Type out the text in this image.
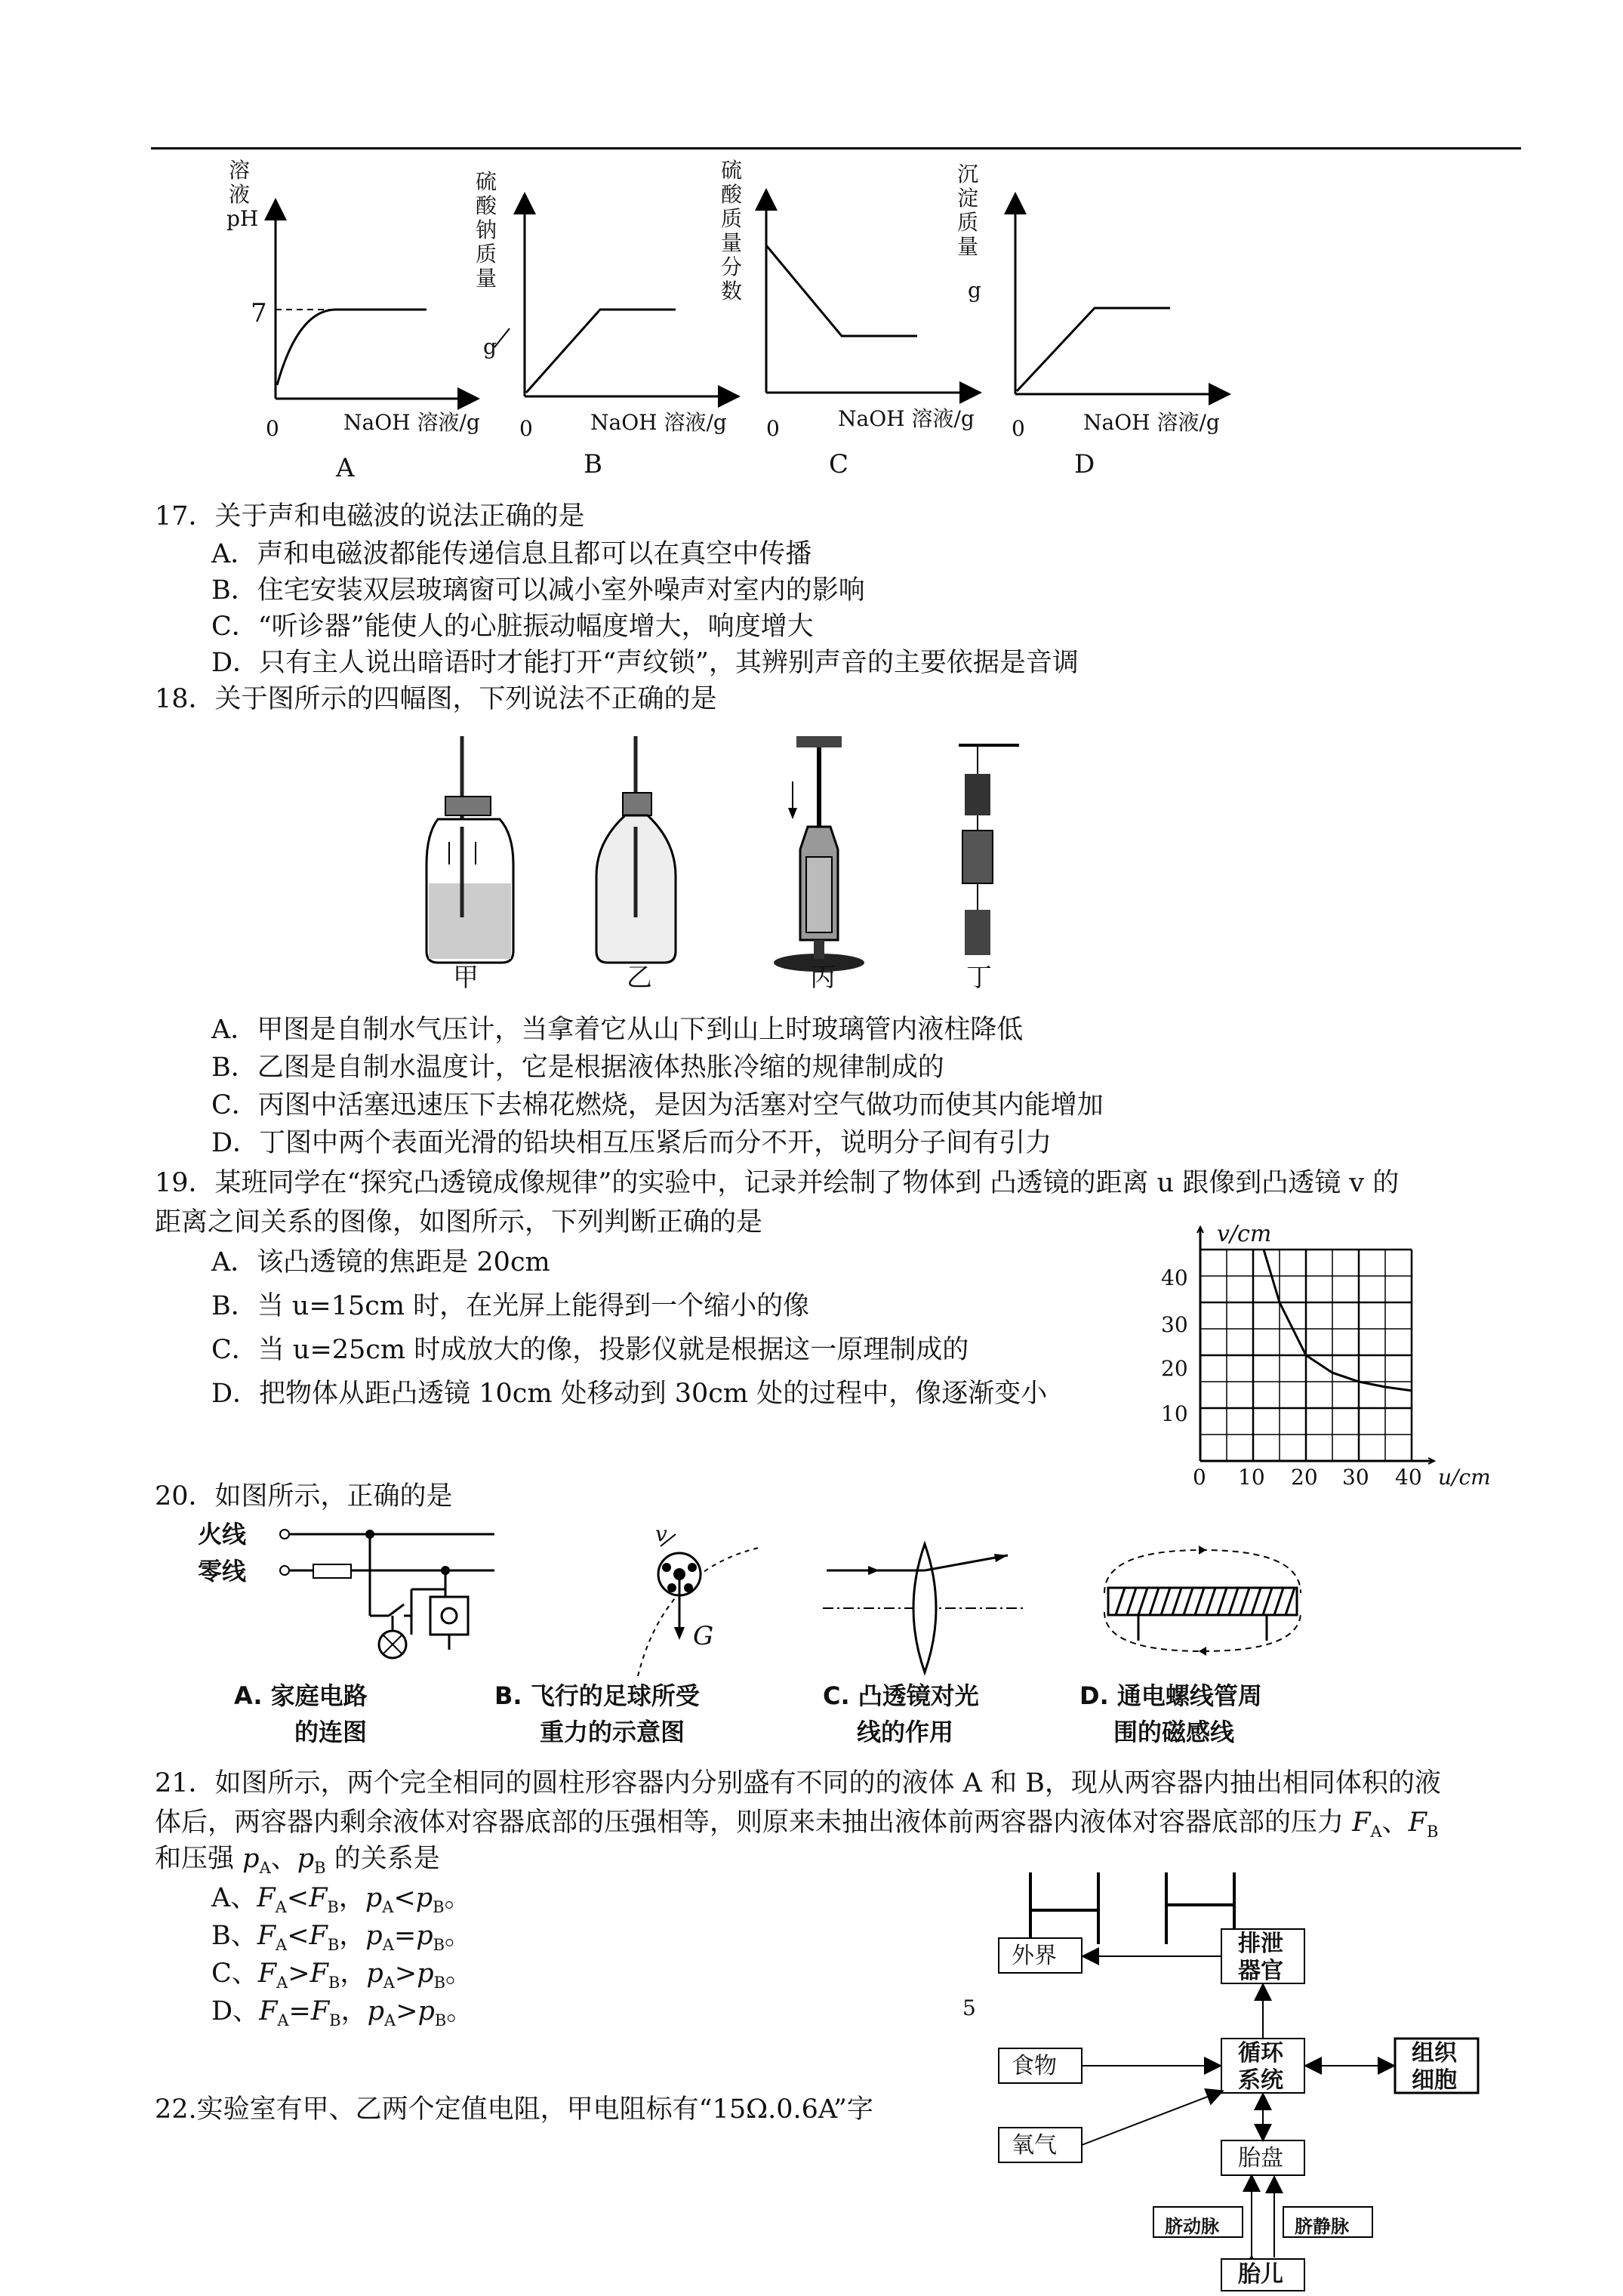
溶
液
pH
7
0	NaOH 溶液/g
A
硫
酸
钠
质
量
g
0	NaOH 溶液/g
B
硫
酸
质
量
分
数
0	NaOH 溶液/g
C
沉
淀
质
量
g
0	NaOH 溶液/g
D
17．关于声和电磁波的说法正确的是
A．声和电磁波都能传递信息且都可以在真空中传播
B．住宅安装双层玻璃窗可以减小室外噪声对室内的影响
C．“听诊器”能使人的心脏振动幅度增大，响度增大
D．只有主人说出暗语时才能打开“声纹锁”，其辨别声音的主要依据是音调
18．关于图所示的四幅图，下列说法不正确的是
甲	乙	丙	丁
A．甲图是自制水气压计，当拿着它从山下到山上时玻璃管内液柱降低
B．乙图是自制水温度计，它是根据液体热胀冷缩的规律制成的
C．丙图中活塞迅速压下去棉花燃烧，是因为活塞对空气做功而使其内能增加
D．丁图中两个表面光滑的铅块相互压紧后而分不开，说明分子间有引力
19．某班同学在“探究凸透镜成像规律”的实验中，记录并绘制了物体到 凸透镜的距离 u 跟像到凸透镜 v 的
距离之间关系的图像，如图所示，下列判断正确的是
A．该凸透镜的焦距是 20cm
B．当 u=15cm 时，在光屏上能得到一个缩小的像
C．当 u=25cm 时成放大的像，投影仪就是根据这一原理制成的
D．把物体从距凸透镜 10cm 处移动到 30cm 处的过程中，像逐渐变小
v/cm
40
30
20
10
0 10 20 30 40 u/cm
20．如图所示，正确的是
火线
零线
v
G
A. 家庭电路
的连图
B. 飞行的足球所受
重力的示意图
C. 凸透镜对光
线的作用
D. 通电螺线管周
围的磁感线
21．如图所示，两个完全相同的圆柱形容器内分别盛有不同的的液体 A 和 B，现从两容器内抽出相同体积的液
体后，两容器内剩余液体对容器底部的压强相等，则原来未抽出液体前两容器内液体对容器底部的压力 $F_A$、$F_B$
和压强 $p_A$、$p_B$ 的关系是
A、$F_A<F_B$，$p_A<p_B$。
B、$F_A<F_B$，$p_A=p_B$。
C、$F_A>F_B$，$p_A>p_B$。
D、$F_A=F_B$，$p_A>p_B$。
22.实验室有甲、乙两个定值电阻，甲电阻标有“15Ω.0.6A”字
5
外界	排泄
器官
食物	循环
系统
组织
细胞
氧气	胎盘
脐动脉	脐静脉
胎儿
